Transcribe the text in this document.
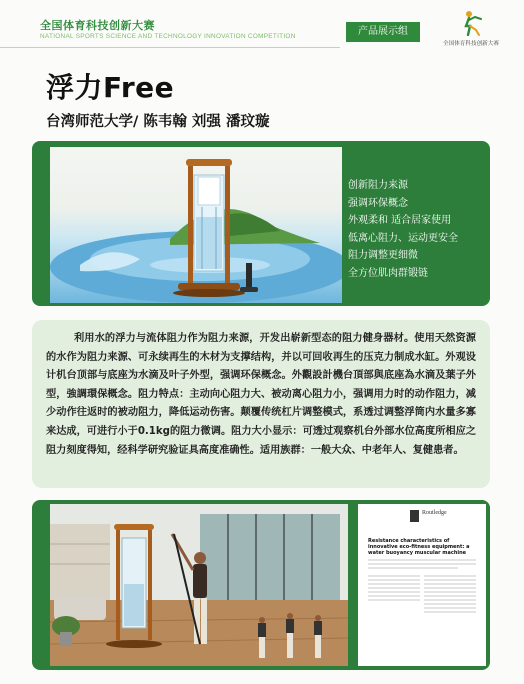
全国体育科技创新大赛
NATIONAL SPORTS SCIENCE AND TECHNOLOGY INNOVATION COMPETITION	产品展示组
全国体育科技创新大赛
浮力Free
台湾师范大学/ 陈韦翰 刘强 潘玟璇
创新阻力来源
强调环保概念
外观柔和 适合居家使用
低离心阻力、运动更安全
阻力调整更细微
全方位肌肉群锻链

利用水的浮力与流体阻力作为阻力来源，开发出崭新型态的阻力健身器材。使用天然资源的水作为阻力来源、可永续再生的木材为支撑结构，并以可回收再生的压克力制成水缸。外观设计机台顶部与底座为水滴及叶子外型，强调环保概念。外觀設計機台頂部與底座為水滴及葉子外型，強調環保概念。阻力特点：主动向心阻力大、被动离心阻力小，强调用力时的动作阻力，减少动作往返时的被动阻力，降低运动伤害。颠覆传统杠片调整模式，系透过调整浮筒内水量多寡来达成，可进行小于0.1kg的阻力微调。阻力大小显示：可透过观察机台外部水位高度所相应之阻力刻度得知，经科学研究验证具高度准确性。适用族群：一般大众、中老年人、复健患者。

Routledge
Resistance characteristics of innovative eco-fitness equipment: a water buoyancy muscular machine
